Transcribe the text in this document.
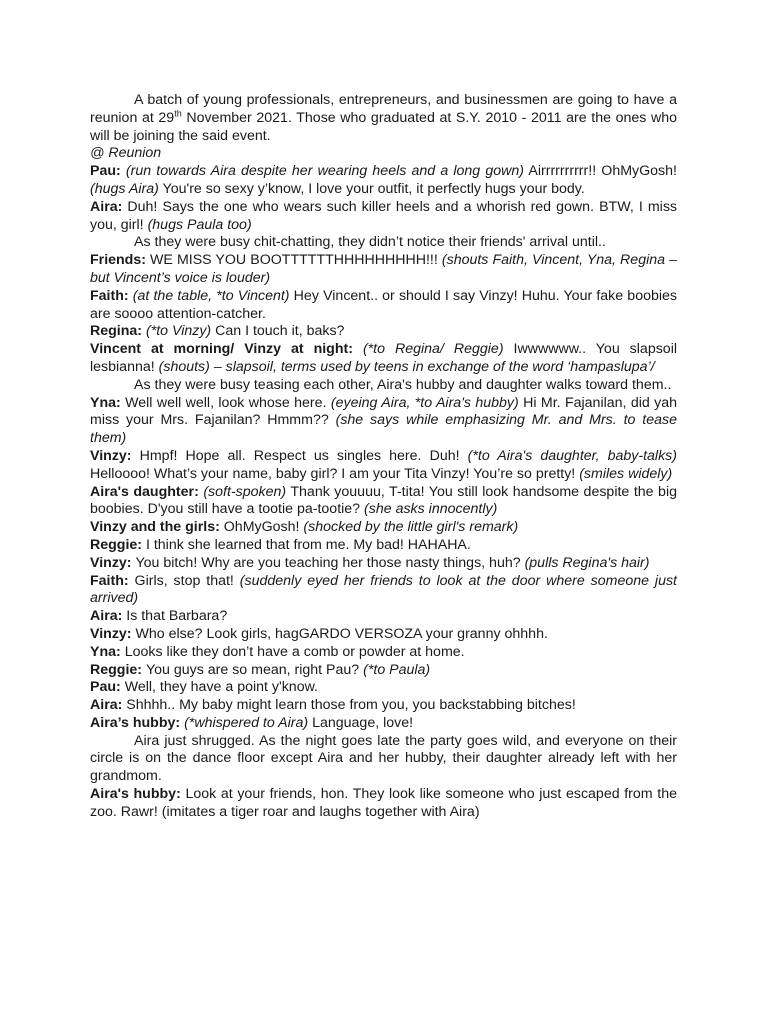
A batch of young professionals, entrepreneurs, and businessmen are going to have a reunion at 29th November 2021. Those who graduated at S.Y. 2010 - 2011 are the ones who will be joining the said event.

@ Reunion

Pau: (run towards Aira despite her wearing heels and a long gown) Airrrrrrrrrr!! OhMyGosh! (hugs Aira) You're so sexy y’know, I love your outfit, it perfectly hugs your body.

Aira: Duh! Says the one who wears such killer heels and a whorish red gown. BTW, I miss you, girl! (hugs Paula too)

As they were busy chit-chatting, they didn’t notice their friends' arrival until..

Friends: WE MISS YOU BOOTTTTTTHHHHHHHHH!!! (shouts Faith, Vincent, Yna, Regina – but Vincent’s voice is louder)

Faith: (at the table, *to Vincent) Hey Vincent.. or should I say Vinzy! Huhu. Your fake boobies are soooo attention-catcher.

Regina: (*to Vinzy) Can I touch it, baks?

Vincent at morning/ Vinzy at night: (*to Regina/ Reggie) Iwwwwww.. You slapsoil lesbianna! (shouts) – slapsoil, terms used by teens in exchange of the word ‘hampaslupa’/

As they were busy teasing each other, Aira's hubby and daughter walks toward them..

Yna: Well well well, look whose here. (eyeing Aira, *to Aira's hubby) Hi Mr. Fajanilan, did yah miss your Mrs. Fajanilan? Hmmm?? (she says while emphasizing Mr. and Mrs. to tease them)

Vinzy: Hmpf! Hope all. Respect us singles here. Duh! (*to Aira's daughter, baby-talks) Helloooo! What’s your name, baby girl? I am your Tita Vinzy! You’re so pretty! (smiles widely)

Aira's daughter: (soft-spoken) Thank youuuu, T-tita! You still look handsome despite the big boobies. D'you still have a tootie pa-tootie? (she asks innocently)

Vinzy and the girls: OhMyGosh! (shocked by the little girl's remark)

Reggie: I think she learned that from me. My bad! HAHAHA.

Vinzy: You bitch! Why are you teaching her those nasty things, huh? (pulls Regina's hair)

Faith: Girls, stop that! (suddenly eyed her friends to look at the door where someone just arrived)

Aira: Is that Barbara?

Vinzy: Who else? Look girls, hagGARDO VERSOZA your granny ohhhh.

Yna: Looks like they don’t have a comb or powder at home.

Reggie: You guys are so mean, right Pau? (*to Paula)

Pau: Well, they have a point y'know.

Aira: Shhhh.. My baby might learn those from you, you backstabbing bitches!

Aira’s hubby: (*whispered to Aira) Language, love!

Aira just shrugged. As the night goes late the party goes wild, and everyone on their circle is on the dance floor except Aira and her hubby, their daughter already left with her grandmom.

Aira's hubby: Look at your friends, hon. They look like someone who just escaped from the zoo. Rawr! (imitates a tiger roar and laughs together with Aira)
